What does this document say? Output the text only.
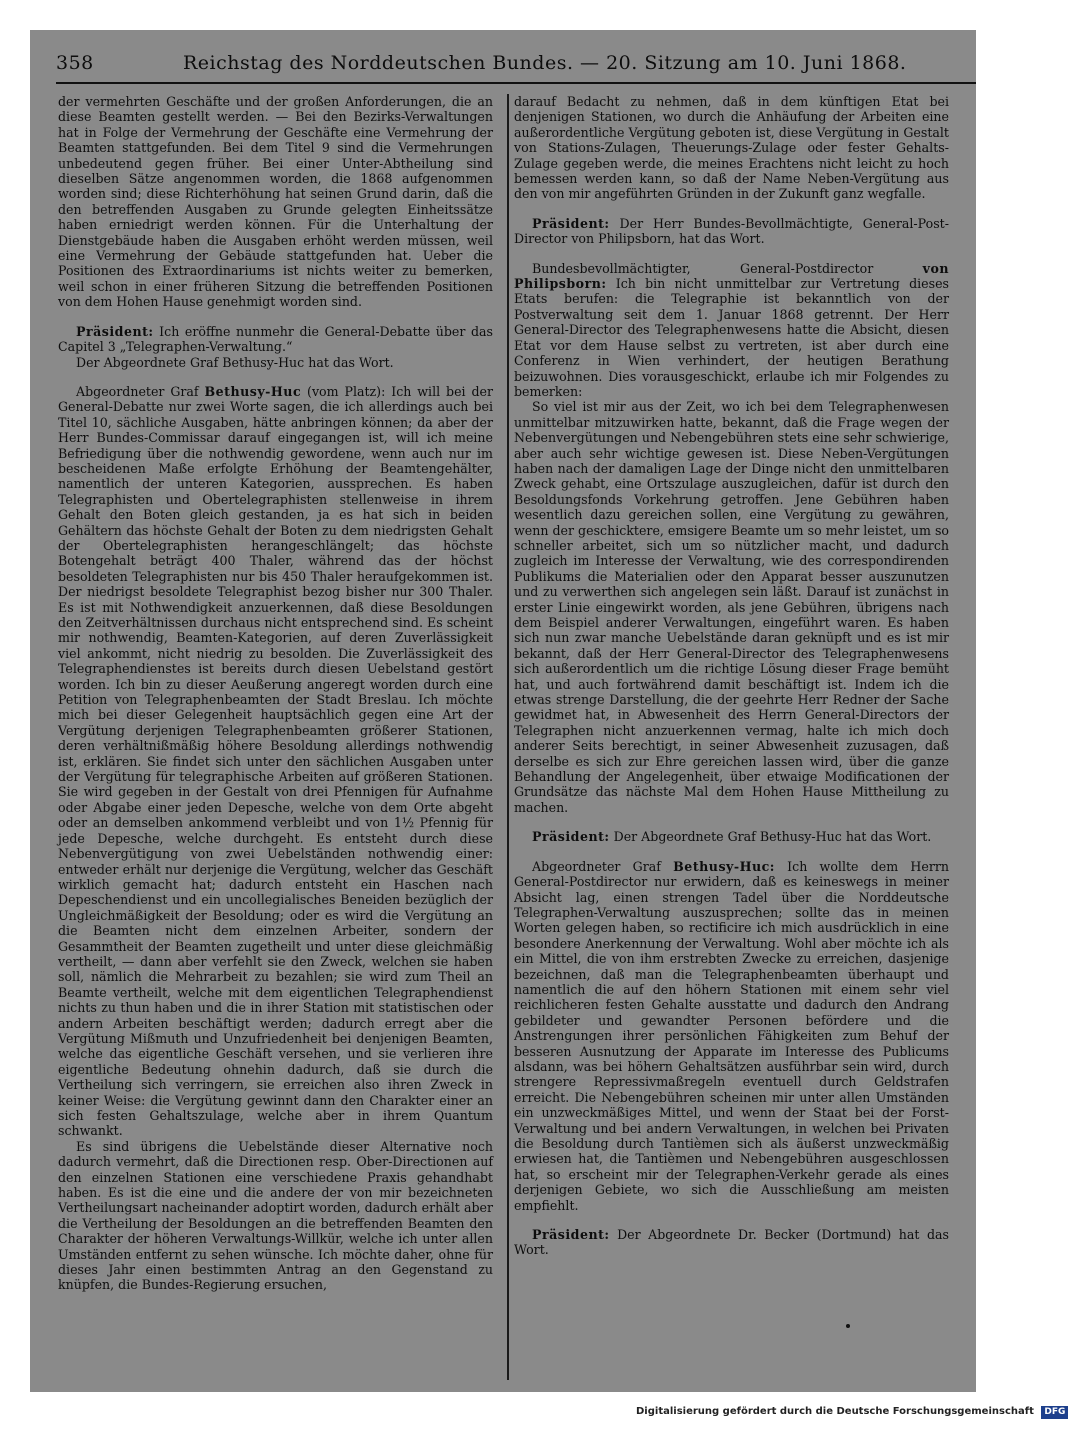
358	Reichstag des Norddeutschen Bundes. — 20. Sitzung am 10. Juni 1868.

der vermehrten Geschäfte und der großen Anforderungen, die an diese Beamten gestellt werden. — Bei den Bezirks-Verwaltungen hat in Folge der Vermehrung der Geschäfte eine Vermehrung der Beamten stattgefunden. Bei dem Titel 9 sind die Vermehrungen unbedeutend gegen früher. Bei einer Unter-Abtheilung sind dieselben Sätze angenommen worden, die 1868 aufgenommen worden sind; diese Richterhöhung hat seinen Grund darin, daß die den betreffenden Ausgaben zu Grunde gelegten Einheitssätze haben erniedrigt werden können. Für die Unterhaltung der Dienstgebäude haben die Ausgaben erhöht werden müssen, weil eine Vermehrung der Gebäude stattgefunden hat. Ueber die Positionen des Extraordinariums ist nichts weiter zu bemerken, weil schon in einer früheren Sitzung die betreffenden Positionen von dem Hohen Hause genehmigt worden sind.

Präsident: Ich eröffne nunmehr die General-Debatte über das Capitel 3 „Telegraphen-Verwaltung.“

Der Abgeordnete Graf Bethusy-Huc hat das Wort.

Abgeordneter Graf Bethusy-Huc (vom Platz): Ich will bei der General-Debatte nur zwei Worte sagen, die ich allerdings auch bei Titel 10, sächliche Ausgaben, hätte anbringen können; da aber der Herr Bundes-Commissar darauf eingegangen ist, will ich meine Befriedigung über die nothwendig gewordene, wenn auch nur im bescheidenen Maße erfolgte Erhöhung der Beamtengehälter, namentlich der unteren Kategorien, aussprechen. Es haben Telegraphisten und Obertelegraphisten stellenweise in ihrem Gehalt den Boten gleich gestanden, ja es hat sich in beiden Gehältern das höchste Gehalt der Boten zu dem niedrigsten Gehalt der Obertelegraphisten herangeschlängelt; das höchste Botengehalt beträgt 400 Thaler, während das der höchst besoldeten Telegraphisten nur bis 450 Thaler heraufgekommen ist. Der niedrigst besoldete Telegraphist bezog bisher nur 300 Thaler. Es ist mit Nothwendigkeit anzuerkennen, daß diese Besoldungen den Zeitverhältnissen durchaus nicht entsprechend sind. Es scheint mir nothwendig, Beamten-Kategorien, auf deren Zuverlässigkeit viel ankommt, nicht niedrig zu besolden. Die Zuverlässigkeit des Telegraphendienstes ist bereits durch diesen Uebelstand gestört worden. Ich bin zu dieser Aeußerung angeregt worden durch eine Petition von Telegraphenbeamten der Stadt Breslau. Ich möchte mich bei dieser Gelegenheit hauptsächlich gegen eine Art der Vergütung derjenigen Telegraphenbeamten größerer Stationen, deren verhältnißmäßig höhere Besoldung allerdings nothwendig ist, erklären. Sie findet sich unter den sächlichen Ausgaben unter der Vergütung für telegraphische Arbeiten auf größeren Stationen. Sie wird gegeben in der Gestalt von drei Pfennigen für Aufnahme oder Abgabe einer jeden Depesche, welche von dem Orte abgeht oder an demselben ankommend verbleibt und von 1½ Pfennig für jede Depesche, welche durchgeht. Es entsteht durch diese Nebenvergütigung von zwei Uebelständen nothwendig einer: entweder erhält nur derjenige die Vergütung, welcher das Geschäft wirklich gemacht hat; dadurch entsteht ein Haschen nach Depeschendienst und ein uncollegialisches Beneiden bezüglich der Ungleichmäßigkeit der Besoldung; oder es wird die Vergütung an die Beamten nicht dem einzelnen Arbeiter, sondern der Gesammtheit der Beamten zugetheilt und unter diese gleichmäßig vertheilt, — dann aber verfehlt sie den Zweck, welchen sie haben soll, nämlich die Mehrarbeit zu bezahlen; sie wird zum Theil an Beamte vertheilt, welche mit dem eigentlichen Telegraphendienst nichts zu thun haben und die in ihrer Station mit statistischen oder andern Arbeiten beschäftigt werden; dadurch erregt aber die Vergütung Mißmuth und Unzufriedenheit bei denjenigen Beamten, welche das eigentliche Geschäft versehen, und sie verlieren ihre eigentliche Bedeutung ohnehin dadurch, daß sie durch die Vertheilung sich verringern, sie erreichen also ihren Zweck in keiner Weise: die Vergütung gewinnt dann den Charakter einer an sich festen Gehaltszulage, welche aber in ihrem Quantum schwankt.

Es sind übrigens die Uebelstände dieser Alternative noch dadurch vermehrt, daß die Directionen resp. Ober-Directionen auf den einzelnen Stationen eine verschiedene Praxis gehandhabt haben. Es ist die eine und die andere der von mir bezeichneten Vertheilungsart nacheinander adoptirt worden, dadurch erhält aber die Vertheilung der Besoldungen an die betreffenden Beamten den Charakter der höheren Verwaltungs-Willkür, welche ich unter allen Umständen entfernt zu sehen wünsche. Ich möchte daher, ohne für dieses Jahr einen bestimmten Antrag an den Gegenstand zu knüpfen, die Bundes-Regierung ersuchen,

darauf Bedacht zu nehmen, daß in dem künftigen Etat bei denjenigen Stationen, wo durch die Anhäufung der Arbeiten eine außerordentliche Vergütung geboten ist, diese Vergütung in Gestalt von Stations-Zulagen, Theuerungs-Zulage oder fester Gehalts-Zulage gegeben werde, die meines Erachtens nicht leicht zu hoch bemessen werden kann, so daß der Name Neben-Vergütung aus den von mir angeführten Gründen in der Zukunft ganz wegfalle.

Präsident: Der Herr Bundes-Bevollmächtigte, General-Post-Director von Philipsborn, hat das Wort.

Bundesbevollmächtigter, General-Postdirector von Philipsborn: Ich bin nicht unmittelbar zur Vertretung dieses Etats berufen: die Telegraphie ist bekanntlich von der Postverwaltung seit dem 1. Januar 1868 getrennt. Der Herr General-Director des Telegraphenwesens hatte die Absicht, diesen Etat vor dem Hause selbst zu vertreten, ist aber durch eine Conferenz in Wien verhindert, der heutigen Berathung beizuwohnen. Dies vorausgeschickt, erlaube ich mir Folgendes zu bemerken:

So viel ist mir aus der Zeit, wo ich bei dem Telegraphenwesen unmittelbar mitzuwirken hatte, bekannt, daß die Frage wegen der Nebenvergütungen und Nebengebühren stets eine sehr schwierige, aber auch sehr wichtige gewesen ist. Diese Neben-Vergütungen haben nach der damaligen Lage der Dinge nicht den unmittelbaren Zweck gehabt, eine Ortszulage auszugleichen, dafür ist durch den Besoldungsfonds Vorkehrung getroffen. Jene Gebühren haben wesentlich dazu gereichen sollen, eine Vergütung zu gewähren, wenn der geschicktere, emsigere Beamte um so mehr leistet, um so schneller arbeitet, sich um so nützlicher macht, und dadurch zugleich im Interesse der Verwaltung, wie des correspondirenden Publikums die Materialien oder den Apparat besser auszunutzen und zu verwerthen sich angelegen sein läßt. Darauf ist zunächst in erster Linie eingewirkt worden, als jene Gebühren, übrigens nach dem Beispiel anderer Verwaltungen, eingeführt waren. Es haben sich nun zwar manche Uebelstände daran geknüpft und es ist mir bekannt, daß der Herr General-Director des Telegraphenwesens sich außerordentlich um die richtige Lösung dieser Frage bemüht hat, und auch fortwährend damit beschäftigt ist. Indem ich die etwas strenge Darstellung, die der geehrte Herr Redner der Sache gewidmet hat, in Abwesenheit des Herrn General-Directors der Telegraphen nicht anzuerkennen vermag, halte ich mich doch anderer Seits berechtigt, in seiner Abwesenheit zuzusagen, daß derselbe es sich zur Ehre gereichen lassen wird, über die ganze Behandlung der Angelegenheit, über etwaige Modificationen der Grundsätze das nächste Mal dem Hohen Hause Mittheilung zu machen.

Präsident: Der Abgeordnete Graf Bethusy-Huc hat das Wort.

Abgeordneter Graf Bethusy-Huc: Ich wollte dem Herrn General-Postdirector nur erwidern, daß es keineswegs in meiner Absicht lag, einen strengen Tadel über die Norddeutsche Telegraphen-Verwaltung auszusprechen; sollte das in meinen Worten gelegen haben, so rectificire ich mich ausdrücklich in eine besondere Anerkennung der Verwaltung. Wohl aber möchte ich als ein Mittel, die von ihm erstrebten Zwecke zu erreichen, dasjenige bezeichnen, daß man die Telegraphenbeamten überhaupt und namentlich die auf den höhern Stationen mit einem sehr viel reichlicheren festen Gehalte ausstatte und dadurch den Andrang gebildeter und gewandter Personen befördere und die Anstrengungen ihrer persönlichen Fähigkeiten zum Behuf der besseren Ausnutzung der Apparate im Interesse des Publicums alsdann, was bei höhern Gehaltsätzen ausführbar sein wird, durch strengere Repressivmaßregeln eventuell durch Geldstrafen erreicht. Die Nebengebühren scheinen mir unter allen Umständen ein unzweckmäßiges Mittel, und wenn der Staat bei der Forst-Verwaltung und bei andern Verwaltungen, in welchen bei Privaten die Besoldung durch Tantièmen sich als äußerst unzweckmäßig erwiesen hat, die Tantièmen und Nebengebühren ausgeschlossen hat, so erscheint mir der Telegraphen-Verkehr gerade als eines derjenigen Gebiete, wo sich die Ausschließung am meisten empfiehlt.

Präsident: Der Abgeordnete Dr. Becker (Dortmund) hat das Wort.

Digitalisierung gefördert durch die Deutsche Forschungsgemeinschaft DFG
